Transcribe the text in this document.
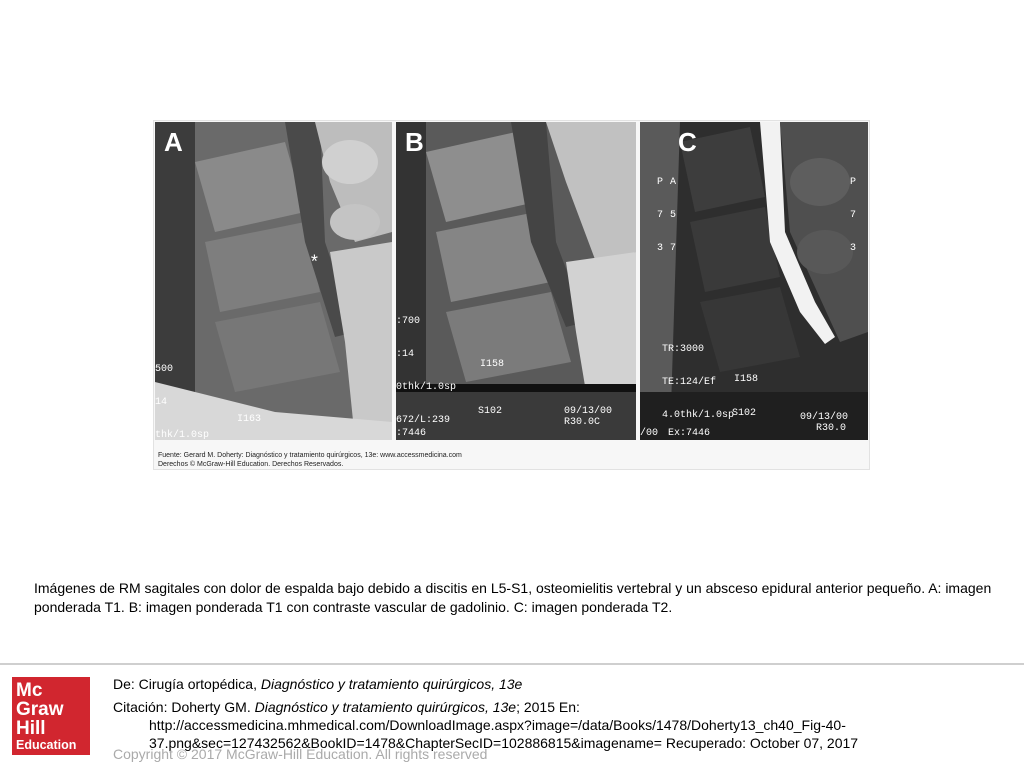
A
*

500

14

thk/1.0sp

I163
B

:700

:14

0thk/1.0sp

672/L:239

I158

:7446

S102	09/13/00
R30.0C
C

P

7

3

A

5

7

P

7

3

TR:3000

TE:124/Ef

4.0thk/1.0sp

I158

/00

Ex:7446

S102	09/13/00
R30.0
Fuente: Gerard M. Doherty: Diagnóstico y tratamiento quirúrgicos, 13e: www.accessmedicina.com
Derechos © McGraw-Hill Education. Derechos Reservados.
Imágenes de RM sagitales con dolor de espalda bajo debido a discitis en L5-S1, osteomielitis vertebral y un absceso epidural anterior pequeño. A: imagen ponderada T1. B: imagen ponderada T1 con contraste vascular de gadolinio. C: imagen ponderada T2.
Mc
Graw
Hill
Education
De: Cirugía ortopédica, Diagnóstico y tratamiento quirúrgicos, 13e
Citación: Doherty GM. Diagnóstico y tratamiento quirúrgicos, 13e; 2015 En:
http://accessmedicina.mhmedical.com/DownloadImage.aspx?image=/data/Books/1478/Doherty13_ch40_Fig-40-
37.png&sec=127432562&BookID=1478&ChapterSecID=102886815&imagename= Recuperado: October 07, 2017
Copyright © 2017 McGraw-Hill Education. All rights reserved
